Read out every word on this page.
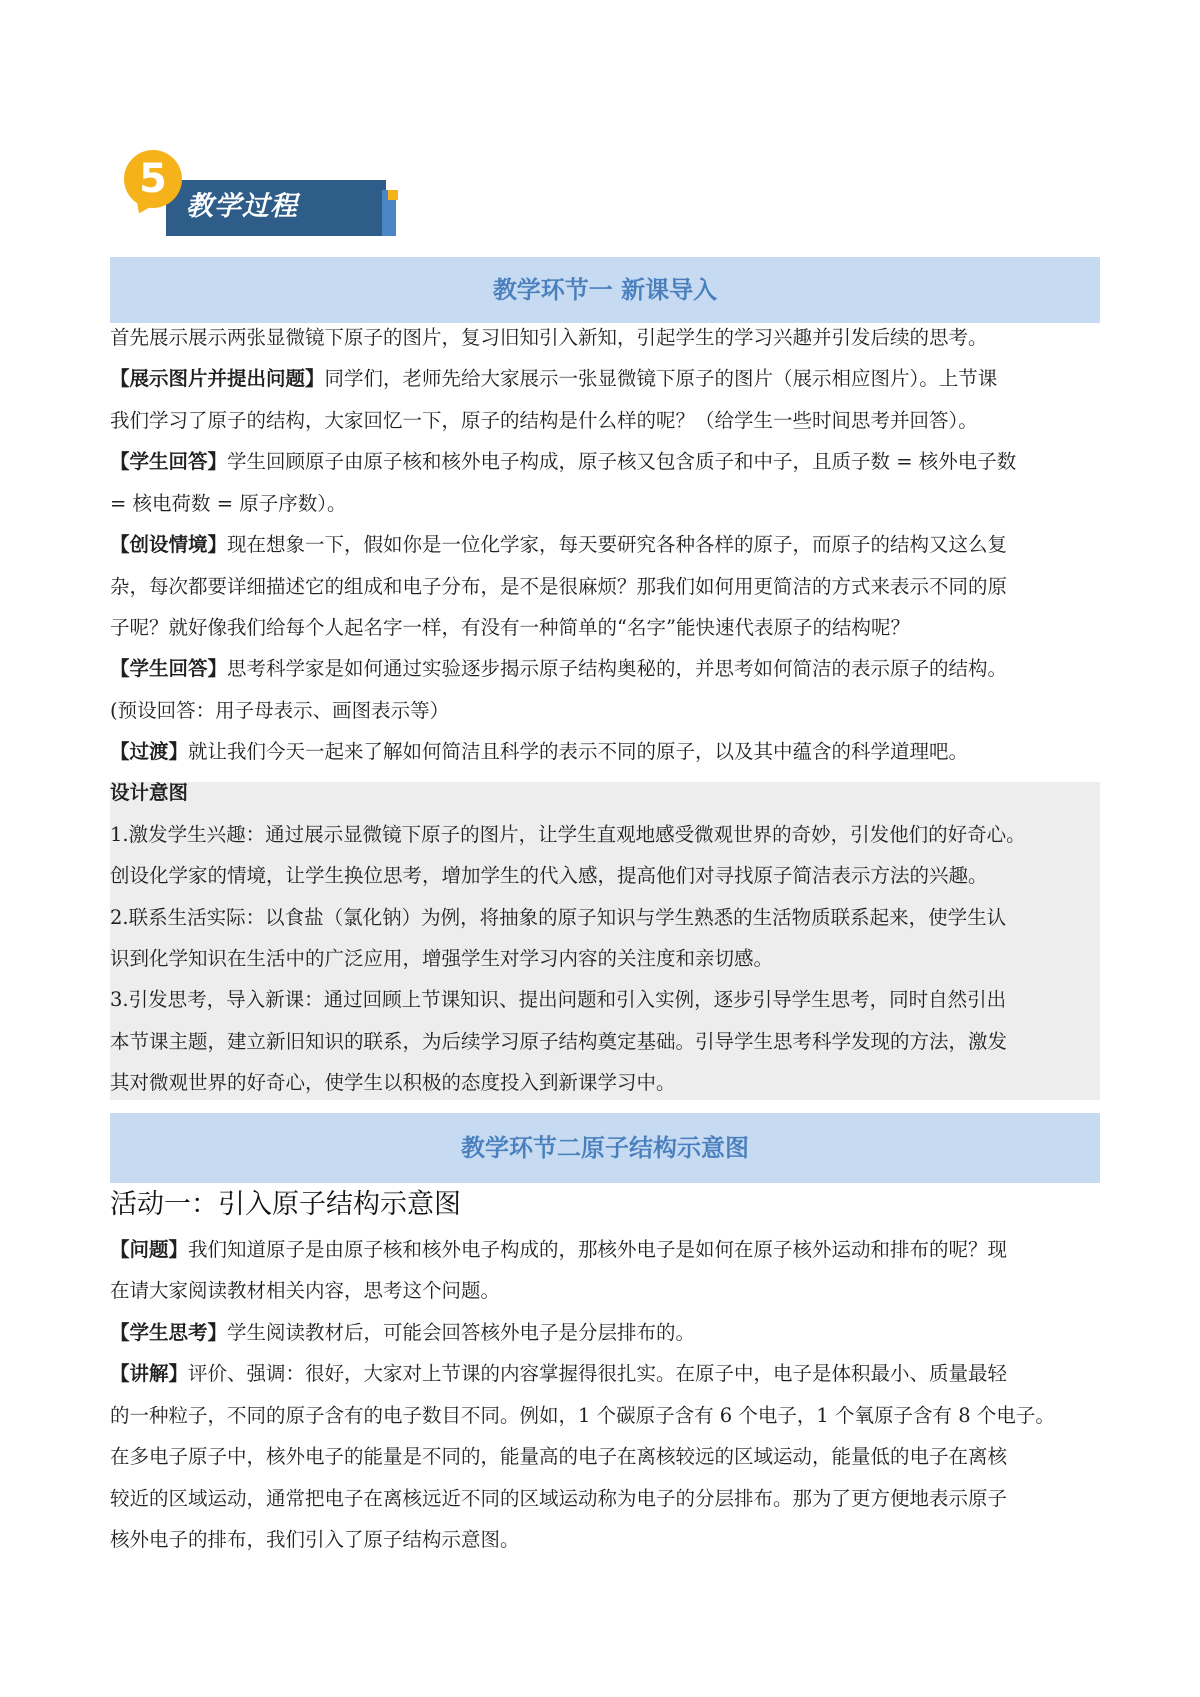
5
教学过程
教学环节一 新课导入
首先展示展示两张显微镜下原子的图片，复习旧知引入新知，引起学生的学习兴趣并引发后续的思考。
【展示图片并提出问题】同学们，老师先给大家展示一张显微镜下原子的图片（展示相应图片）。上节课
我们学习了原子的结构，大家回忆一下，原子的结构是什么样的呢？（给学生一些时间思考并回答）。
【学生回答】学生回顾原子由原子核和核外电子构成，原子核又包含质子和中子，且质子数 = 核外电子数
= 核电荷数 = 原子序数）。
【创设情境】现在想象一下，假如你是一位化学家，每天要研究各种各样的原子，而原子的结构又这么复
杂，每次都要详细描述它的组成和电子分布，是不是很麻烦？那我们如何用更简洁的方式来表示不同的原
子呢？就好像我们给每个人起名字一样，有没有一种简单的“名字”能快速代表原子的结构呢？
【学生回答】思考科学家是如何通过实验逐步揭示原子结构奥秘的，并思考如何简洁的表示原子的结构。
(预设回答：用子母表示、画图表示等）
【过渡】就让我们今天一起来了解如何简洁且科学的表示不同的原子，以及其中蕴含的科学道理吧。
设计意图
1.激发学生兴趣：通过展示显微镜下原子的图片，让学生直观地感受微观世界的奇妙，引发他们的好奇心。
创设化学家的情境，让学生换位思考，增加学生的代入感，提高他们对寻找原子简洁表示方法的兴趣。
2.联系生活实际：以食盐（氯化钠）为例，将抽象的原子知识与学生熟悉的生活物质联系起来，使学生认
识到化学知识在生活中的广泛应用，增强学生对学习内容的关注度和亲切感。
3.引发思考，导入新课：通过回顾上节课知识、提出问题和引入实例，逐步引导学生思考，同时自然引出
本节课主题，建立新旧知识的联系，为后续学习原子结构奠定基础。引导学生思考科学发现的方法，激发
其对微观世界的好奇心，使学生以积极的态度投入到新课学习中。
教学环节二原子结构示意图
活动一：引入原子结构示意图
【问题】我们知道原子是由原子核和核外电子构成的，那核外电子是如何在原子核外运动和排布的呢？现
在请大家阅读教材相关内容，思考这个问题。
【学生思考】学生阅读教材后，可能会回答核外电子是分层排布的。
【讲解】评价、强调：很好，大家对上节课的内容掌握得很扎实。在原子中，电子是体积最小、质量最轻
的一种粒子，不同的原子含有的电子数目不同。例如，1 个碳原子含有 6 个电子，1 个氧原子含有 8 个电子。
在多电子原子中，核外电子的能量是不同的，能量高的电子在离核较远的区域运动，能量低的电子在离核
较近的区域运动，通常把电子在离核远近不同的区域运动称为电子的分层排布。那为了更方便地表示原子
核外电子的排布，我们引入了原子结构示意图。
